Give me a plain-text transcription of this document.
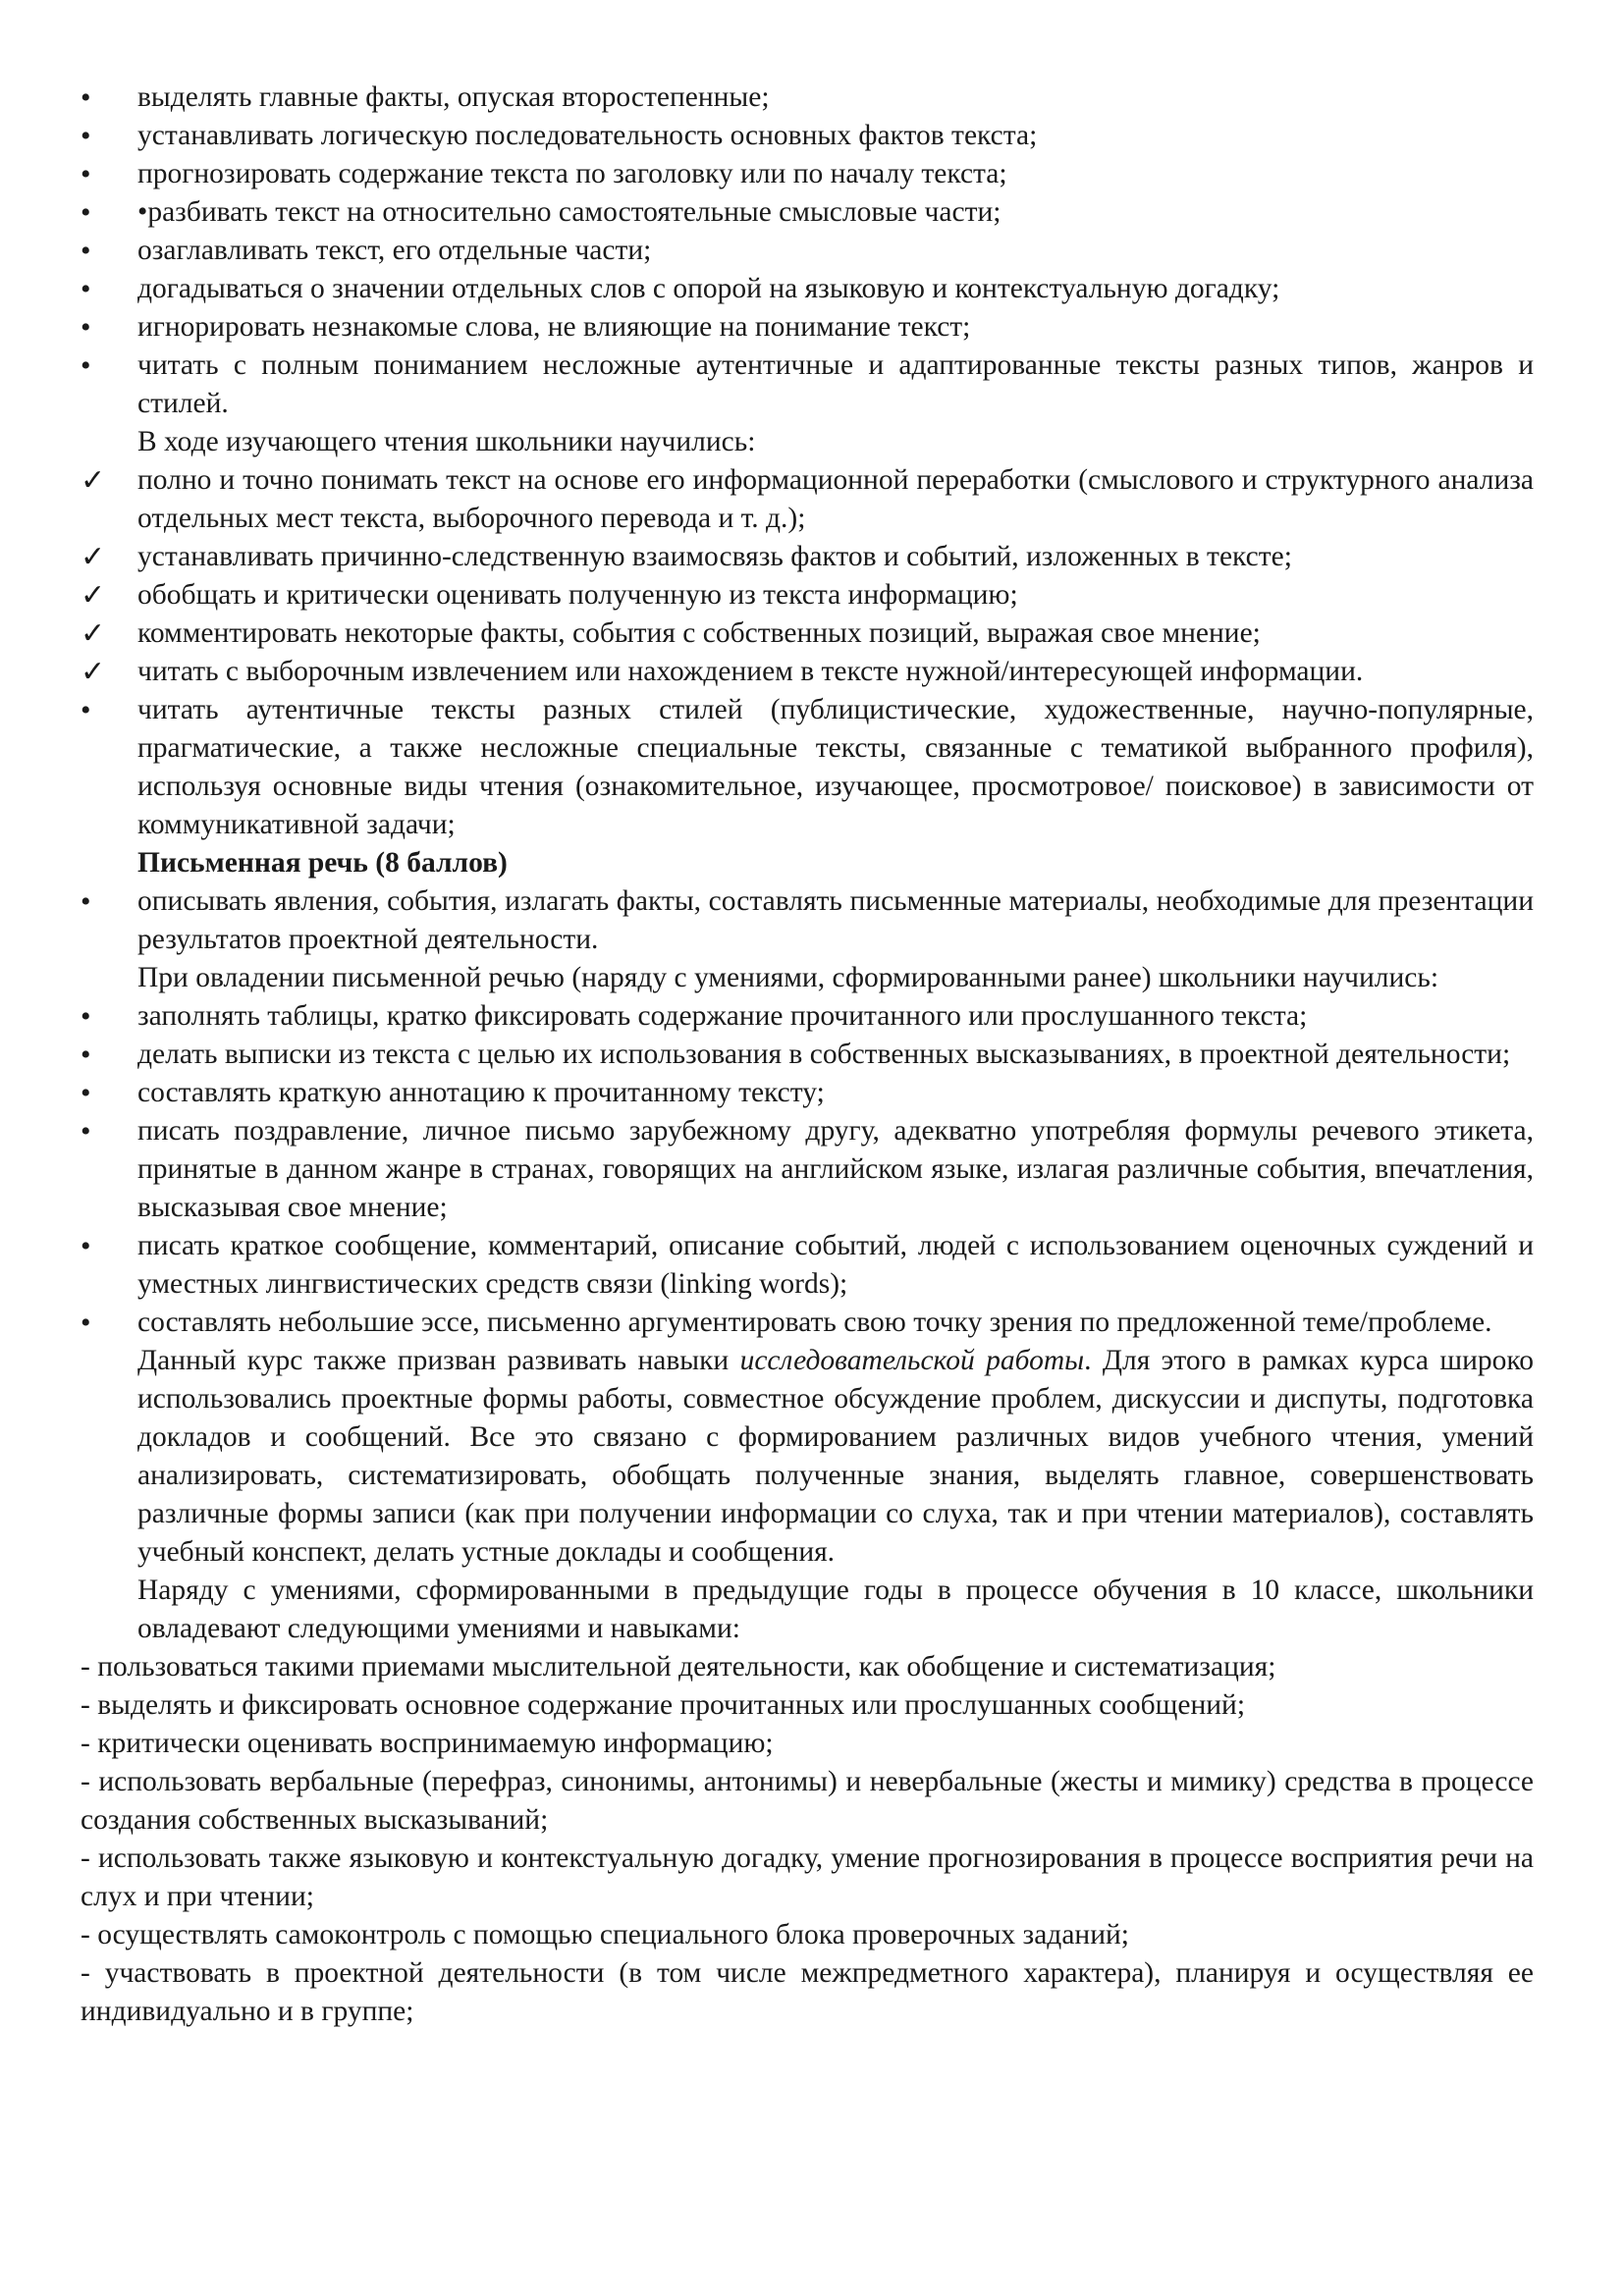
•	выделять главные факты, опуская второстепенные;
•	устанавливать логическую последовательность основных фактов текста;
•	прогнозировать содержание текста по заголовку или по началу текста;
•	•разбивать текст на относительно самостоятельные смысловые части;
•	озаглавливать текст, его отдельные части;
•	догадываться о значении отдельных слов с опорой на языковую и контекстуальную догадку;
•	игнорировать незнакомые слова, не влияющие на понимание текст;
•	читать с полным пониманием несложные аутентичные и адаптированные тексты разных типов, жанров и стилей.
В ходе изучающего чтения школьники научились:
✓	полно и точно понимать текст на основе его информационной переработки (смыслового и структурного анализа отдельных мест текста, выборочного перевода и т. д.);
✓	устанавливать причинно-следственную взаимосвязь фактов и событий, изложенных в тексте;
✓	обобщать и критически оценивать полученную из текста информацию;
✓	комментировать некоторые факты, события с собственных позиций, выражая свое мнение;
✓	читать с выборочным извлечением или нахождением в тексте нужной/интересующей информации.
•	читать аутентичные тексты разных стилей (публицистические, художественные, научно-популярные, прагматические, а также несложные специальные тексты, связанные с тематикой выбранного профиля), используя основные виды чтения (ознакомительное, изучающее, просмотровое/ поисковое) в зависимости от коммуникативной задачи;
Письменная речь (8 баллов)
•	описывать явления, события, излагать факты, составлять письменные материалы, необходимые для презентации результатов проектной деятельности.
При овладении письменной речью (наряду с умениями, сформированными ранее) школьники научились:
•	заполнять таблицы, кратко фиксировать содержание прочитанного или прослушанного текста;
•	делать выписки из текста с целью их использования в собственных высказываниях, в проектной деятельности;
•	составлять краткую аннотацию к прочитанному тексту;
•	писать поздравление, личное письмо зарубежному другу, адекватно употребляя формулы речевого этикета, принятые в данном жанре в странах, говорящих на английском языке, излагая различные события, впечатления, высказывая свое мнение;
•	писать краткое сообщение, комментарий, описание событий, людей с использованием оценочных суждений и уместных лингвистических средств связи (linking words);
•	составлять небольшие эссе, письменно аргументировать свою точку зрения по предложенной теме/проблеме.
Данный курс также призван развивать навыки исследовательской работы. Для этого в рамках курса широко использовались проектные формы работы, совместное обсуждение проблем, дискуссии и диспуты, подготовка докладов и сообщений. Все это связано с формированием различных видов учебного чтения, умений анализировать, систематизировать, обобщать полученные знания, выделять главное, совершенствовать различные формы записи (как при получении информации со слуха, так и при чтении материалов), составлять учебный конспект, делать устные доклады и сообщения.
Наряду с умениями, сформированными в предыдущие годы в процессе обучения в 10 классе, школьники овладевают следующими умениями и навыками:
- пользоваться такими приемами мыслительной деятельности, как обобщение и систематизация;
- выделять и фиксировать основное содержание прочитанных или прослушанных сообщений;
- критически оценивать воспринимаемую информацию;
- использовать вербальные (перефраз, синонимы, антонимы) и невербальные (жесты и мимику) средства в процессе создания собственных высказываний;
- использовать также языковую и контекстуальную догадку, умение прогнозирования в процессе восприятия речи на слух и при чтении;
- осуществлять самоконтроль с помощью специального блока проверочных заданий;
- участвовать в проектной деятельности (в том числе межпредметного характера), планируя и осуществляя ее индивидуально и в группе;
